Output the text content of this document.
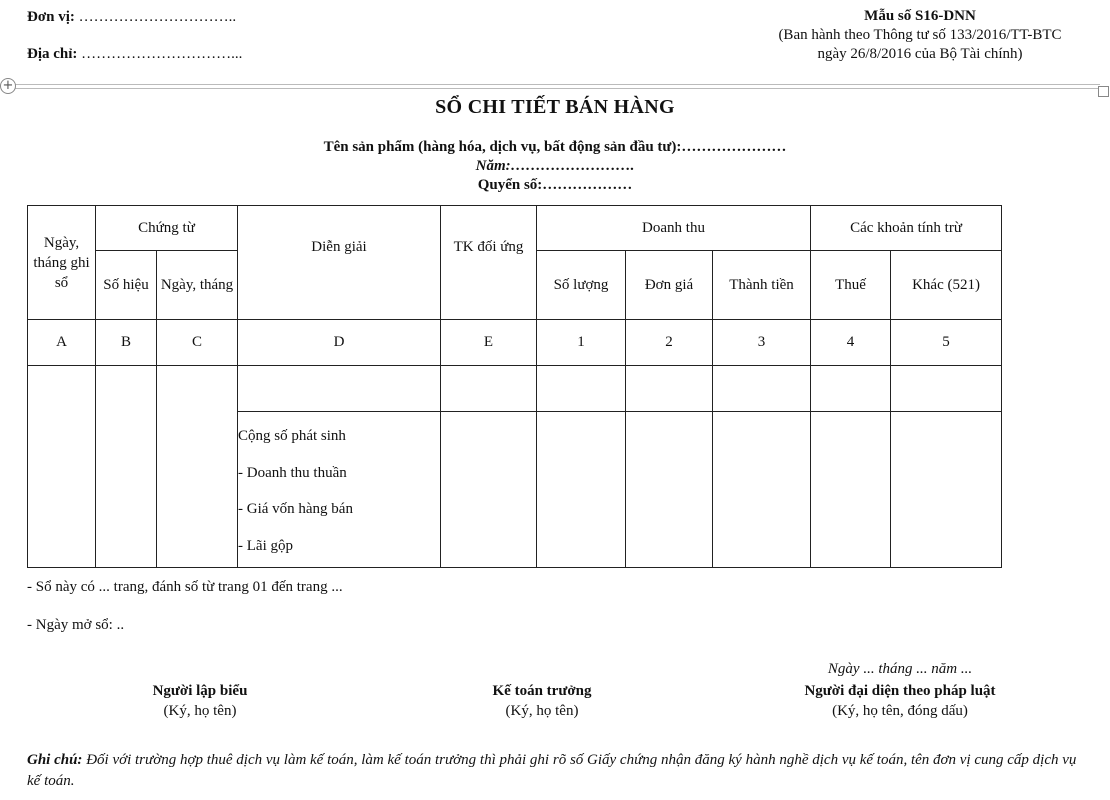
Đơn vị: …………………………..
Địa chỉ: …………………………...
Mẫu số S16-DNN
(Ban hành theo Thông tư số 133/2016/TT-BTC
ngày 26/8/2016 của Bộ Tài chính)
+
SỔ CHI TIẾT BÁN HÀNG
Tên sản phẩm (hàng hóa, dịch vụ, bất động sản đầu tư):…………………
Năm:…………………….
Quyển số:………………
Ngày, tháng ghi sổ	Chứng từ		Diễn giải	TK đối ứng	Doanh thu			Các khoản tính trừ	
	Số hiệu	Ngày, tháng			Số lượng	Đơn giá	Thành tiền	Thuế	Khác (521)
A	B	C	D	E	1	2	3	4	5

			Cộng số phát sinh
- Doanh thu thuần
- Giá vốn hàng bán
- Lãi gộp						

- Sổ này có ... trang, đánh số từ trang 01 đến trang ...
- Ngày mở sổ: ..
Ngày ... tháng ... năm ...
Người lập biểu
(Ký, họ tên)
Kế toán trưởng
(Ký, họ tên)
Người đại diện theo pháp luật
(Ký, họ tên, đóng dấu)
Ghi chú: Đối với trường hợp thuê dịch vụ làm kế toán, làm kế toán trưởng thì phải ghi rõ số Giấy chứng nhận đăng ký hành nghề dịch vụ kế toán, tên đơn vị cung cấp dịch vụ kế toán.
